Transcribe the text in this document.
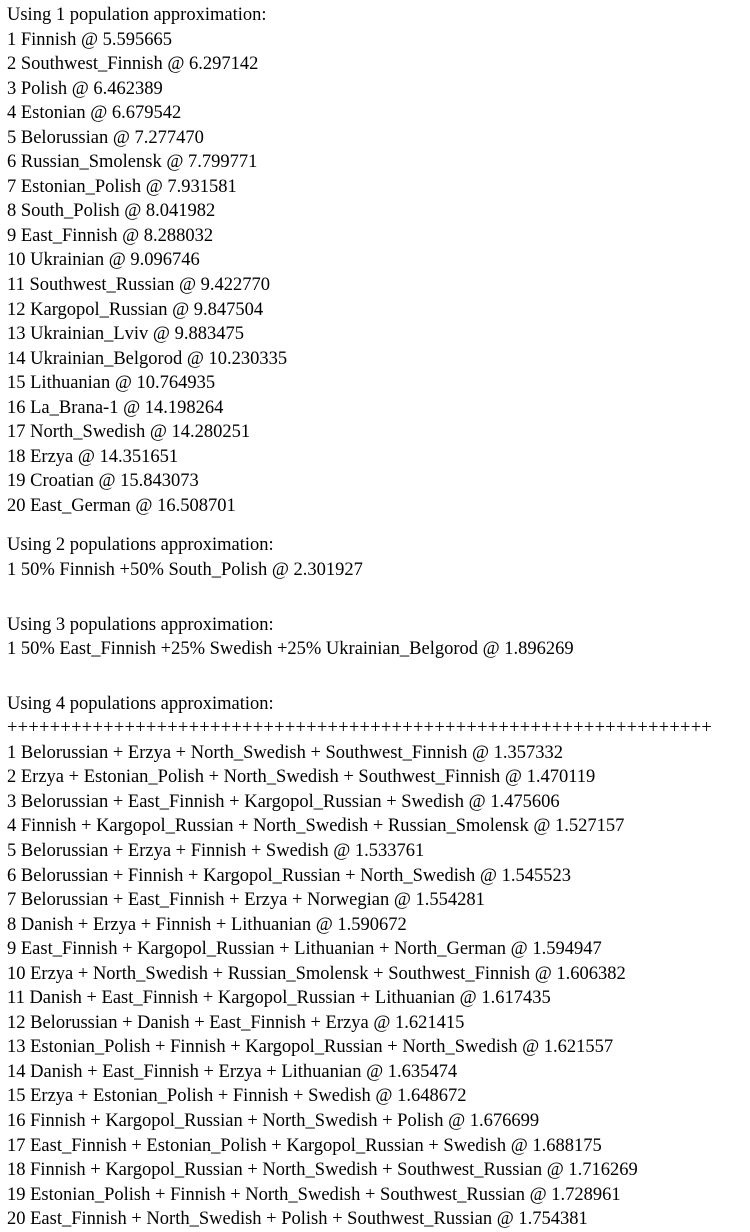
Using 1 population approximation:
1 Finnish @ 5.595665
2 Southwest_Finnish @ 6.297142
3 Polish @ 6.462389
4 Estonian @ 6.679542
5 Belorussian @ 7.277470
6 Russian_Smolensk @ 7.799771
7 Estonian_Polish @ 7.931581
8 South_Polish @ 8.041982
9 East_Finnish @ 8.288032
10 Ukrainian @ 9.096746
11 Southwest_Russian @ 9.422770
12 Kargopol_Russian @ 9.847504
13 Ukrainian_Lviv @ 9.883475
14 Ukrainian_Belgorod @ 10.230335
15 Lithuanian @ 10.764935
16 La_Brana-1 @ 14.198264
17 North_Swedish @ 14.280251
18 Erzya @ 14.351651
19 Croatian @ 15.843073
20 East_German @ 16.508701
Using 2 populations approximation:
1 50% Finnish +50% South_Polish @ 2.301927
Using 3 populations approximation:
1 50% East_Finnish +25% Swedish +25% Ukrainian_Belgorod @ 1.896269
Using 4 populations approximation:
++++++++++++++++++++++++++++++++++++++++++++++++++++++++++++++++++
1 Belorussian + Erzya + North_Swedish + Southwest_Finnish @ 1.357332
2 Erzya + Estonian_Polish + North_Swedish + Southwest_Finnish @ 1.470119
3 Belorussian + East_Finnish + Kargopol_Russian + Swedish @ 1.475606
4 Finnish + Kargopol_Russian + North_Swedish + Russian_Smolensk @ 1.527157
5 Belorussian + Erzya + Finnish + Swedish @ 1.533761
6 Belorussian + Finnish + Kargopol_Russian + North_Swedish @ 1.545523
7 Belorussian + East_Finnish + Erzya + Norwegian @ 1.554281
8 Danish + Erzya + Finnish + Lithuanian @ 1.590672
9 East_Finnish + Kargopol_Russian + Lithuanian + North_German @ 1.594947
10 Erzya + North_Swedish + Russian_Smolensk + Southwest_Finnish @ 1.606382
11 Danish + East_Finnish + Kargopol_Russian + Lithuanian @ 1.617435
12 Belorussian + Danish + East_Finnish + Erzya @ 1.621415
13 Estonian_Polish + Finnish + Kargopol_Russian + North_Swedish @ 1.621557
14 Danish + East_Finnish + Erzya + Lithuanian @ 1.635474
15 Erzya + Estonian_Polish + Finnish + Swedish @ 1.648672
16 Finnish + Kargopol_Russian + North_Swedish + Polish @ 1.676699
17 East_Finnish + Estonian_Polish + Kargopol_Russian + Swedish @ 1.688175
18 Finnish + Kargopol_Russian + North_Swedish + Southwest_Russian @ 1.716269
19 Estonian_Polish + Finnish + North_Swedish + Southwest_Russian @ 1.728961
20 East_Finnish + North_Swedish + Polish + Southwest_Russian @ 1.754381
